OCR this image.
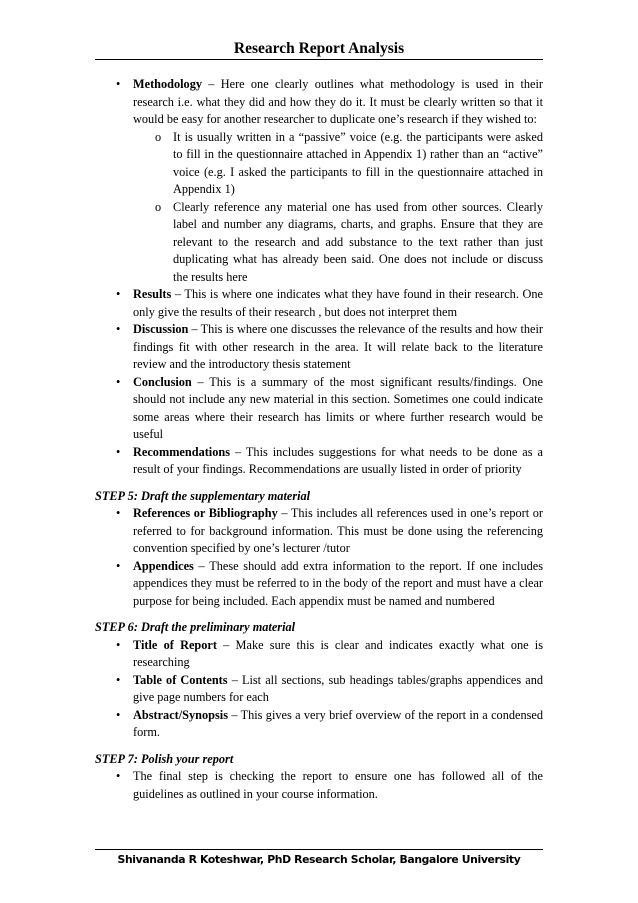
Research Report Analysis
• Methodology – Here one clearly outlines what methodology is used in their research i.e. what they did and how they do it. It must be clearly written so that it would be easy for another researcher to duplicate one’s research if they wished to:
o It is usually written in a “passive” voice (e.g. the participants were asked to fill in the questionnaire attached in Appendix 1) rather than an “active” voice (e.g. I asked the participants to fill in the questionnaire attached in Appendix 1)
o Clearly reference any material one has used from other sources. Clearly label and number any diagrams, charts, and graphs. Ensure that they are relevant to the research and add substance to the text rather than just duplicating what has already been said. One does not include or discuss the results here
• Results – This is where one indicates what they have found in their research. One only give the results of their research , but does not interpret them
• Discussion – This is where one discusses the relevance of the results and how their findings fit with other research in the area. It will relate back to the literature review and the introductory thesis statement
• Conclusion – This is a summary of the most significant results/findings. One should not include any new material in this section. Sometimes one could indicate some areas where their research has limits or where further research would be useful
• Recommendations – This includes suggestions for what needs to be done as a result of your findings. Recommendations are usually listed in order of priority
STEP 5: Draft the supplementary material
• References or Bibliography – This includes all references used in one’s report or referred to for background information. This must be done using the referencing convention specified by one’s lecturer /tutor
• Appendices – These should add extra information to the report. If one includes appendices they must be referred to in the body of the report and must have a clear purpose for being included. Each appendix must be named and numbered
STEP 6: Draft the preliminary material
• Title of Report – Make sure this is clear and indicates exactly what one is researching
• Table of Contents – List all sections, sub headings tables/graphs appendices and give page numbers for each
• Abstract/Synopsis – This gives a very brief overview of the report in a condensed form.
STEP 7: Polish your report
• The final step is checking the report to ensure one has followed all of the guidelines as outlined in your course information.
Shivananda R Koteshwar, PhD Research Scholar, Bangalore University
